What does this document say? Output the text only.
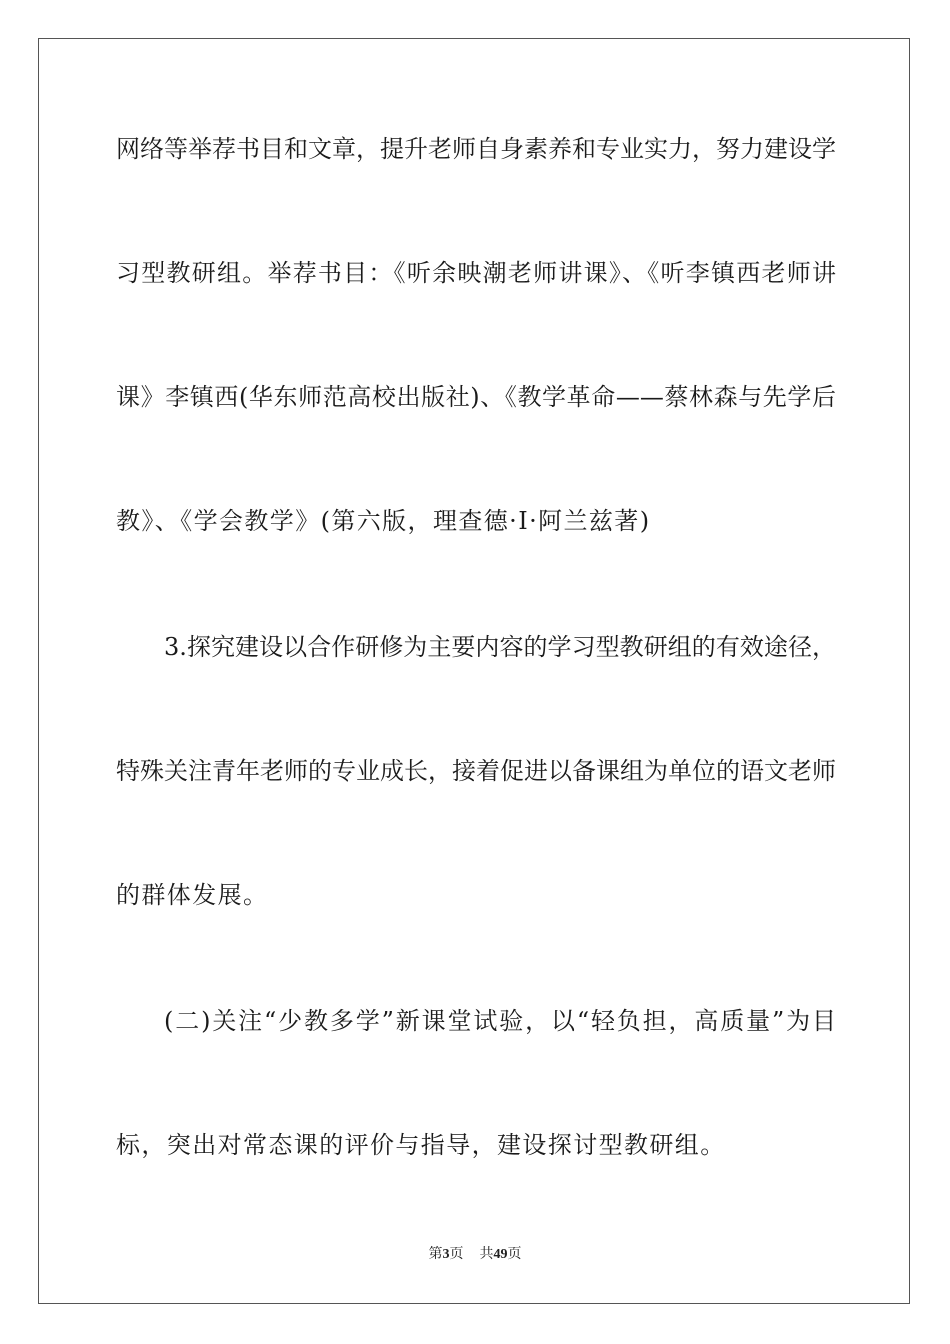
网络等举荐书目和文章，提升老师自身素养和专业实力，努力建设学
习型教研组。举荐书目：《听余映潮老师讲课》、《听李镇西老师讲
课》李镇西(华东师范高校出版社)、《教学革命——蔡林森与先学后
教》、《学会教学》(第六版，理查德·I·阿兰兹著)
3.探究建设以合作研修为主要内容的学习型教研组的有效途径，
特殊关注青年老师的专业成长，接着促进以备课组为单位的语文老师
的群体发展。
(二)关注“少教多学”新课堂试验，以“轻负担，高质量”为目
标，突出对常态课的评价与指导，建设探讨型教研组。
第3页 共49页
